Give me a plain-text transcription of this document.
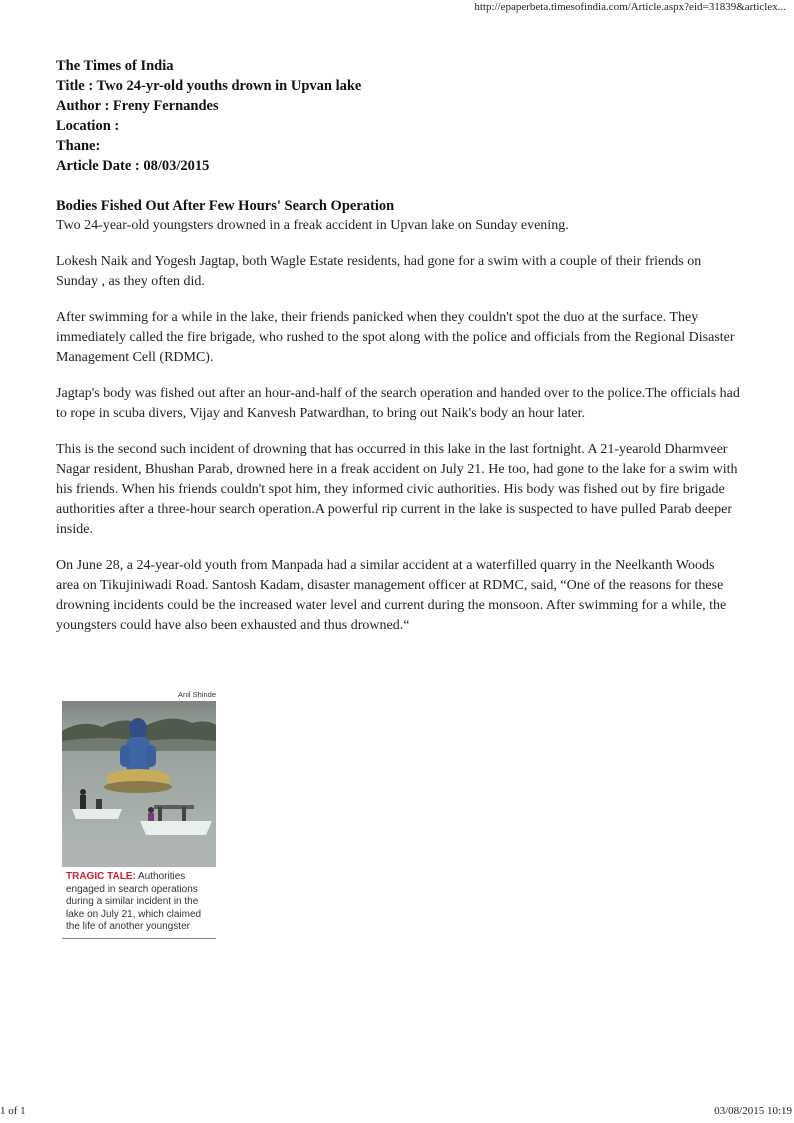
http://epaperbeta.timesofindia.com/Article.aspx?eid=31839&articlex...
The Times of India
Title : Two 24-yr-old youths drown in Upvan lake
Author : Freny Fernandes
Location :
Thane:
Article Date : 08/03/2015
Bodies Fished Out After Few Hours' Search Operation

Two 24-year-old youngsters drowned in a freak accident in Upvan lake on Sunday evening.

Lokesh Naik and Yogesh Jagtap, both Wagle Estate residents, had gone for a swim with a couple of their friends on Sunday , as they often did.

After swimming for a while in the lake, their friends panicked when they couldn't spot the duo at the surface. They immediately called the fire brigade, who rushed to the spot along with the police and officials from the Regional Disaster Management Cell (RDMC).

Jagtap's body was fished out after an hour-and-half of the search operation and handed over to the police.The officials had to rope in scuba divers, Vijay and Kanvesh Patwardhan, to bring out Naik's body an hour later.

This is the second such incident of drowning that has occurred in this lake in the last fortnight. A 21-yearold Dharmveer Nagar resident, Bhushan Parab, drowned here in a freak accident on July 21. He too, had gone to the lake for a swim with his friends. When his friends couldn't spot him, they informed civic authorities. His body was fished out by fire brigade authorities after a three-hour search operation.A powerful rip current in the lake is suspected to have pulled Parab deeper inside.

On June 28, a 24-year-old youth from Manpada had a similar accident at a waterfilled quarry in the Neelkanth Woods area on Tikujiniwadi Road. Santosh Kadam, disaster management officer at RDMC, said, “One of the reasons for these drowning incidents could be the increased water level and current during the monsoon. After swimming for a while, the youngsters could have also been exhausted and thus drowned.“

Anil Shinde
TRAGIC TALE: Authorities engaged in search operations during a similar incident in the lake on July 21, which claimed the life of another youngster
1 of 1	03/08/2015 10:19
